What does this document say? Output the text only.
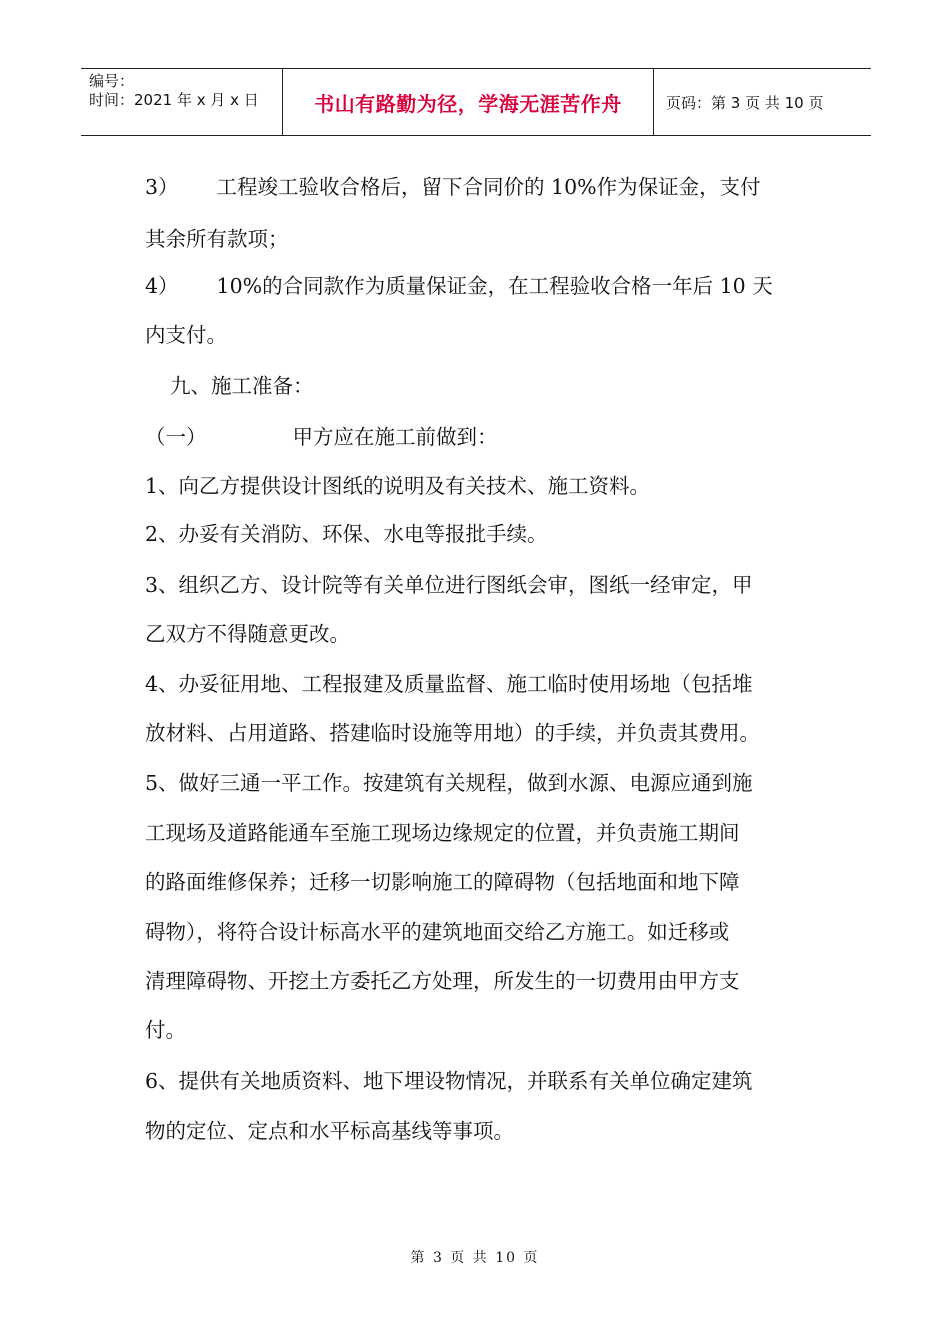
编号：
时间：2021 年 x 月 x 日	书山有路勤为径，学海无涯苦作舟	页码：第 3 页 共 10 页
3） 工程竣工验收合格后，留下合同价的 10%作为保证金，支付
其余所有款项；
4） 10%的合同款作为质量保证金，在工程验收合格一年后 10 天
内支付。
九、施工准备：
（一）	甲方应在施工前做到：
1、向乙方提供设计图纸的说明及有关技术、施工资料。
2、办妥有关消防、环保、水电等报批手续。
3、组织乙方、设计院等有关单位进行图纸会审，图纸一经审定，甲
乙双方不得随意更改。
4、办妥征用地、工程报建及质量监督、施工临时使用场地（包括堆
放材料、占用道路、搭建临时设施等用地）的手续，并负责其费用。
5、做好三通一平工作。按建筑有关规程，做到水源、电源应通到施
工现场及道路能通车至施工现场边缘规定的位置，并负责施工期间
的路面维修保养；迁移一切影响施工的障碍物（包括地面和地下障
碍物），将符合设计标高水平的建筑地面交给乙方施工。如迁移或
清理障碍物、开挖土方委托乙方处理，所发生的一切费用由甲方支
付。
6、提供有关地质资料、地下埋设物情况，并联系有关单位确定建筑
物的定位、定点和水平标高基线等事项。
第 3 页 共 10 页
